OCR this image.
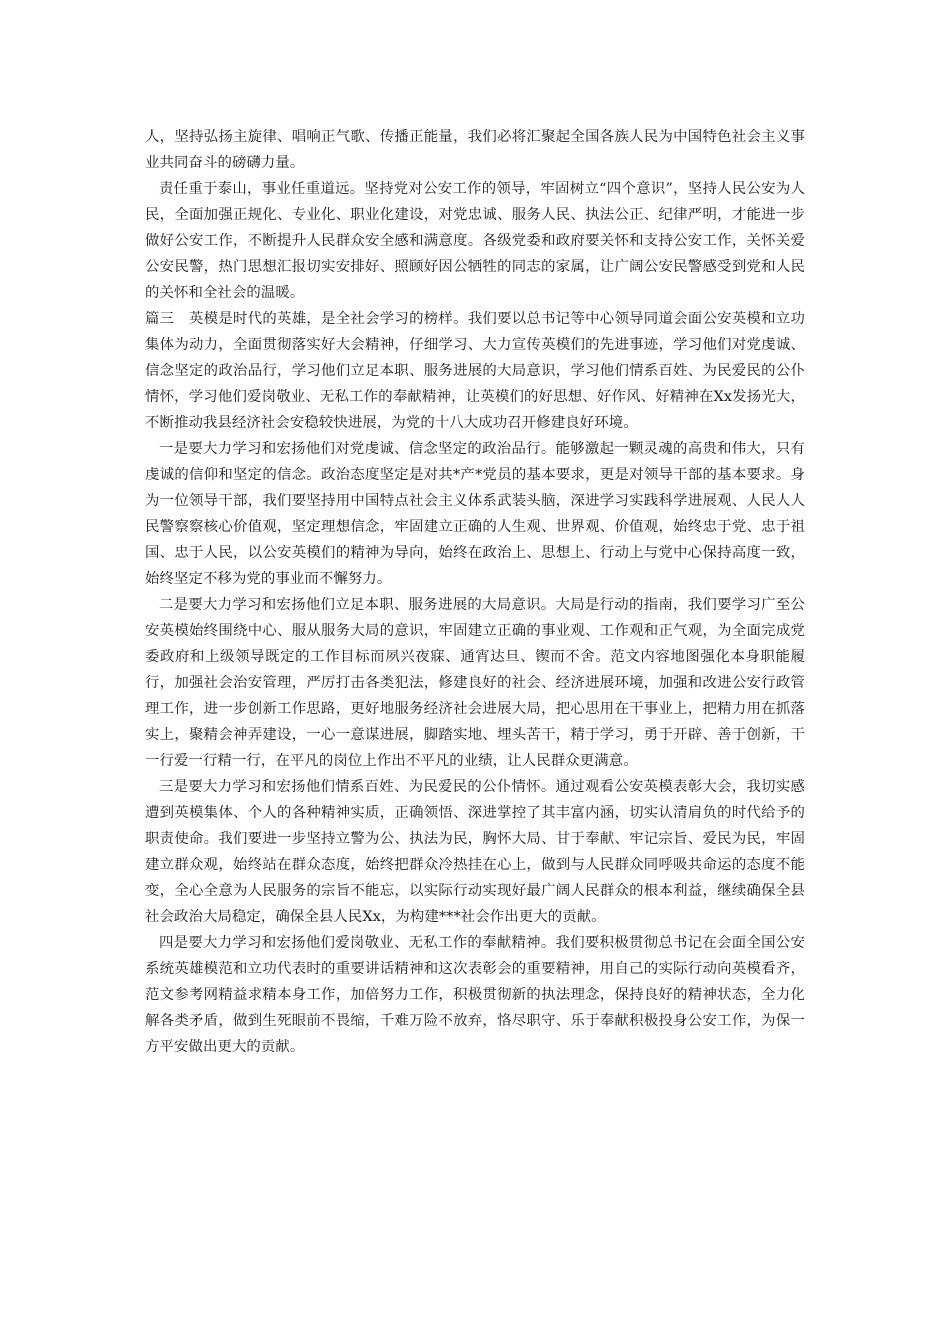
人，坚持弘扬主旋律、唱响正气歌、传播正能量，我们必将汇聚起全国各族人民为中国特色社会主义事业共同奋斗的磅礴力量。

责任重于泰山，事业任重道远。坚持党对公安工作的领导，牢固树立“四个意识”，坚持人民公安为人民，全面加强正规化、专业化、职业化建设，对党忠诚、服务人民、执法公正、纪律严明，才能进一步做好公安工作，不断提升人民群众安全感和满意度。各级党委和政府要关怀和支持公安工作，关怀关爱公安民警，热门思想汇报切实安排好、照顾好因公牺牲的同志的家属，让广阔公安民警感受到党和人民的关怀和全社会的温暖。

篇三　英模是时代的英雄，是全社会学习的榜样。我们要以总书记等中心领导同道会面公安英模和立功集体为动力，全面贯彻落实好大会精神，仔细学习、大力宣传英模们的先进事迹，学习他们对党虔诚、信念坚定的政治品行，学习他们立足本职、服务进展的大局意识，学习他们情系百姓、为民爱民的公仆情怀，学习他们爱岗敬业、无私工作的奉献精神，让英模们的好思想、好作风、好精神在Xx发扬光大，不断推动我县经济社会安稳较快进展，为党的十八大成功召开修建良好环境。

一是要大力学习和宏扬他们对党虔诚、信念坚定的政治品行。能够激起一颗灵魂的高贵和伟大，只有虔诚的信仰和坚定的信念。政治态度坚定是对共*产*党员的基本要求，更是对领导干部的基本要求。身为一位领导干部，我们要坚持用中国特点社会主义体系武装头脑，深进学习实践科学进展观、人民人人民警察察核心价值观，坚定理想信念，牢固建立正确的人生观、世界观、价值观，始终忠于党、忠于祖国、忠于人民，以公安英模们的精神为导向，始终在政治上、思想上、行动上与党中心保持高度一致，始终坚定不移为党的事业而不懈努力。

二是要大力学习和宏扬他们立足本职、服务进展的大局意识。大局是行动的指南，我们要学习广至公安英模始终围绕中心、服从服务大局的意识，牢固建立正确的事业观、工作观和正气观，为全面完成党委政府和上级领导既定的工作目标而夙兴夜寐、通宵达旦、锲而不舍。范文内容地图强化本身职能履行，加强社会治安管理，严厉打击各类犯法，修建良好的社会、经济进展环境，加强和改进公安行政管理工作，进一步创新工作思路，更好地服务经济社会进展大局，把心思用在干事业上，把精力用在抓落实上，聚精会神弄建设，一心一意谋进展，脚踏实地、埋头苦干，精于学习，勇于开辟、善于创新，干一行爱一行精一行，在平凡的岗位上作出不平凡的业绩，让人民群众更满意。

三是要大力学习和宏扬他们情系百姓、为民爱民的公仆情怀。通过观看公安英模表彰大会，我切实感遭到英模集体、个人的各种精神实质，正确领悟、深进掌控了其丰富内涵，切实认清肩负的时代给予的职责使命。我们要进一步坚持立警为公、执法为民，胸怀大局、甘于奉献、牢记宗旨、爱民为民，牢固建立群众观，始终站在群众态度，始终把群众冷热挂在心上，做到与人民群众同呼吸共命运的态度不能变，全心全意为人民服务的宗旨不能忘，以实际行动实现好最广阔人民群众的根本利益，继续确保全县社会政治大局稳定，确保全县人民Xx，为构建***社会作出更大的贡献。

四是要大力学习和宏扬他们爱岗敬业、无私工作的奉献精神。我们要积极贯彻总书记在会面全国公安系统英雄模范和立功代表时的重要讲话精神和这次表彰会的重要精神，用自己的实际行动向英模看齐，范文参考网精益求精本身工作，加倍努力工作，积极贯彻新的执法理念，保持良好的精神状态，全力化解各类矛盾，做到生死眼前不畏缩，千难万险不放弃，恪尽职守、乐于奉献积极投身公安工作，为保一方平安做出更大的贡献。
